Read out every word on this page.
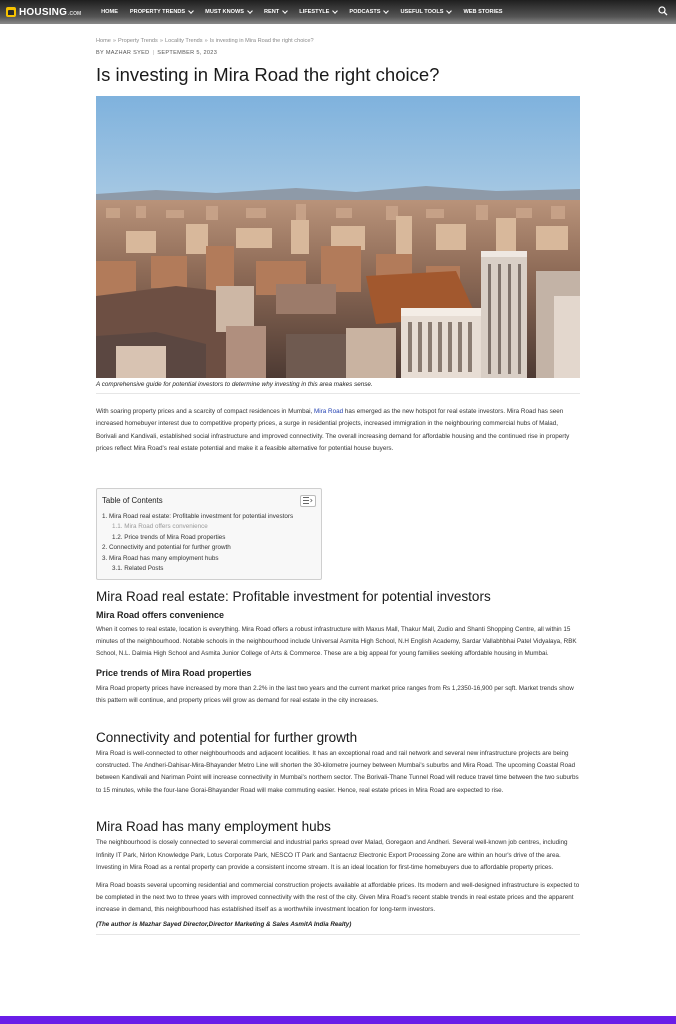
HOUSING .COM	HOME PROPERTY TRENDS	MUST KNOWS	RENT	LIFESTYLE	PODCASTS	USEFUL TOOLS	WEB STORIES
Home » Property Trends » Locality Trends » Is investing in Mira Road the right choice?
BY MAZHAR SYED | SEPTEMBER 5, 2023
Is investing in Mira Road the right choice?
A comprehensive guide for potential investors to determine why investing in this area makes sense.

With soaring property prices and a scarcity of compact residences in Mumbai, Mira Road has emerged as the new hotspot for real estate investors. Mira Road has seen increased homebuyer interest due to competitive property prices, a surge in residential projects, increased immigration in the neighbouring commercial hubs of Malad, Borivali and Kandivali, established social infrastructure and improved connectivity. The overall increasing demand for affordable housing and the continued rise in property prices reflect Mira Road's real estate potential and make it a feasible alternative for potential house buyers.

Table of Contents
1. Mira Road real estate: Profitable investment for potential investors
1.1. Mira Road offers convenience
1.2. Price trends of Mira Road properties
2. Connectivity and potential for further growth
3. Mira Road has many employment hubs
3.1. Related Posts
Mira Road real estate: Profitable investment for potential investors
Mira Road offers convenience

When it comes to real estate, location is everything. Mira Road offers a robust infrastructure with Maxus Mall, Thakur Mall, Zudio and Shanti Shopping Centre, all within 15 minutes of the neighbourhood. Notable schools in the neighbourhood include Universal Asmita High School, N.H English Academy, Sardar Vallabhbhai Patel Vidyalaya, RBK School, N.L. Dalmia High School and Asmita Junior College of Arts & Commerce. These are a big appeal for young families seeking affordable housing in Mumbai.

Price trends of Mira Road properties

Mira Road property prices have increased by more than 2.2% in the last two years and the current market price ranges from Rs 1,2350-16,900 per sqft. Market trends show this pattern will continue, and property prices will grow as demand for real estate in the city increases.

Connectivity and potential for further growth

Mira Road is well-connected to other neighbourhoods and adjacent localities. It has an exceptional road and rail network and several new infrastructure projects are being constructed. The Andheri-Dahisar-Mira-Bhayander Metro Line will shorten the 30-kilometre journey between Mumbai's suburbs and Mira Road. The upcoming Coastal Road between Kandivali and Nariman Point will increase connectivity in Mumbai's northern sector. The Borivali-Thane Tunnel Road will reduce travel time between the two suburbs to 15 minutes, while the four-lane Gorai-Bhayander Road will make commuting easier. Hence, real estate prices in Mira Road are expected to rise.

Mira Road has many employment hubs

The neighbourhood is closely connected to several commercial and industrial parks spread over Malad, Goregaon and Andheri. Several well-known job centres, including Infinity IT Park, Nirlon Knowledge Park, Lotus Corporate Park, NESCO IT Park and Santacruz Electronic Export Processing Zone are within an hour's drive of the area. Investing in Mira Road as a rental property can provide a consistent income stream. It is an ideal location for first-time homebuyers due to affordable property prices.

Mira Road boasts several upcoming residential and commercial construction projects available at affordable prices. Its modern and well-designed infrastructure is expected to be completed in the next two to three years with improved connectivity with the rest of the city. Given Mira Road's recent stable trends in real estate prices and the apparent increase in demand, this neighbourhood has established itself as a worthwhile investment location for long-term investors.

(The author is Mazhar Sayed Director,Director Marketing & Sales AsmitA India Realty)
